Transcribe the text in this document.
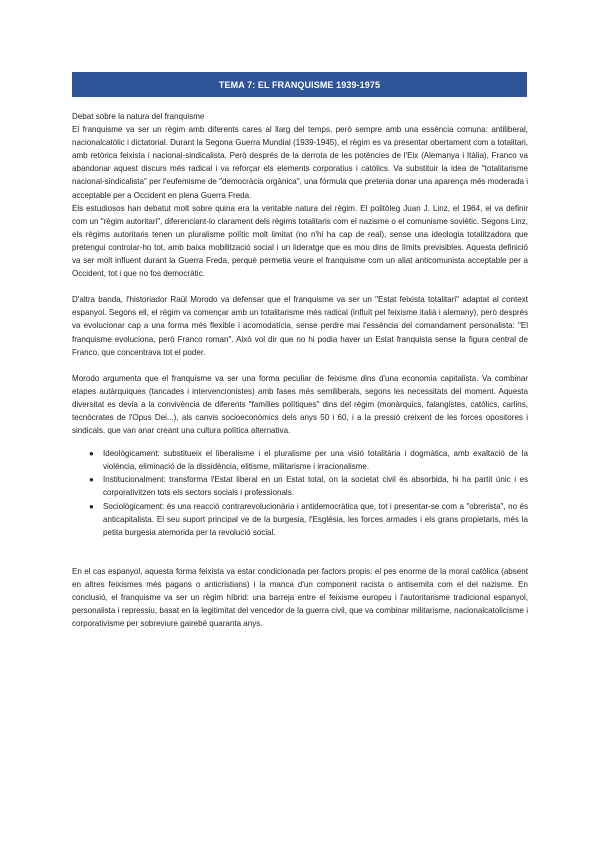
TEMA 7: EL FRANQUISME 1939-1975

Debat sobre la natura del franquisme

El franquisme va ser un règim amb diferents cares al llarg del temps, però sempre amb una essència comuna: antiliberal, nacionalcatòlic i dictatorial. Durant la Segona Guerra Mundial (1939-1945), el règim es va presentar obertament com a totalitari, amb retòrica feixista i nacional-sindicalista. Però després de la derrota de les potències de l'Eix (Alemanya i Itàlia), Franco va abandonar aquest discurs més radical i va reforçar els elements corporatius i catòlics. Va substituir la idea de "totalitarisme nacional-sindicalista" per l'eufemisme de "democràcia orgànica", una fórmula que pretenia donar una aparença més moderada i acceptable per a Occident en plena Guerra Freda.

Els estudiosos han debatut molt sobre quina era la veritable natura del règim. El politòleg Juan J. Linz, el 1964, el va definir com un "règim autoritari", diferenciant-lo clarament dels règims totalitaris com el nazisme o el comunisme soviètic. Segons Linz, els règims autoritaris tenen un pluralisme polític molt limitat (no n'hi ha cap de real), sense una ideologia totalitzadora que pretengui controlar-ho tot, amb baixa mobilització social i un lideratge que es mou dins de límits previsibles. Aquesta definició va ser molt influent durant la Guerra Freda, perquè permetia veure el franquisme com un aliat anticomunista acceptable per a Occident, tot i que no fos democràtic.

D'altra banda, l'historiador Raül Morodo va defensar que el franquisme va ser un "Estat feixista totalitari" adaptat al context espanyol. Segons ell, el règim va començar amb un totalitarisme més radical (influït pel feixisme italià i alemany), però després va evolucionar cap a una forma més flexible i acomodatícia, sense perdre mai l'essència del comandament personalista: "El franquisme evoluciona, però Franco roman". Això vol dir que no hi podia haver un Estat franquista sense la figura central de Franco, que concentrava tot el poder.

Morodo argumenta que el franquisme va ser una forma peculiar de feixisme dins d'una economia capitalista. Va combinar etapes autàrquiques (tancades i intervencionistes) amb fases més semiliberals, segons les necessitats del moment. Aquesta diversitat es devia a la convivència de diferents "famílies polítiques" dins del règim (monàrquics, falangistes, catòlics, carlins, tecnòcrates de l'Opus Dei...), als canvis socioeconòmics dels anys 50 i 60, i a la pressió creixent de les forces opositores i sindicals, que van anar creant una cultura política alternativa.

● Ideològicament: substitueix el liberalisme i el pluralisme per una visió totalitària i dogmàtica, amb exaltació de la violència, eliminació de la dissidència, elitisme, militarisme i irracionalisme.
● Institucionalment: transforma l'Estat liberal en un Estat total, on la societat civil és absorbida, hi ha partit únic i es corporativitzen tots els sectors socials i professionals.
● Sociològicament: és una reacció contrarevolucionària i antidemocràtica que, tot i presentar-se com a "obrerista", no és anticapitalista. El seu suport principal ve de la burgesia, l'Església, les forces armades i els grans propietaris, més la petita burgesia atemorida per la revolució social.

En el cas espanyol, aquesta forma feixista va estar condicionada per factors propis: el pes enorme de la moral catòlica (absent en altres feixismes més pagans o anticristians) i la manca d'un component racista o antisemita com el del nazisme. En conclusió, el franquisme va ser un règim híbrid: una barreja entre el feixisme europeu i l'autoritarisme tradicional espanyol, personalista i repressiu, basat en la legitimitat del vencedor de la guerra civil, que va combinar militarisme, nacionalcatolicisme i corporativisme per sobreviure gairebé quaranta anys.
